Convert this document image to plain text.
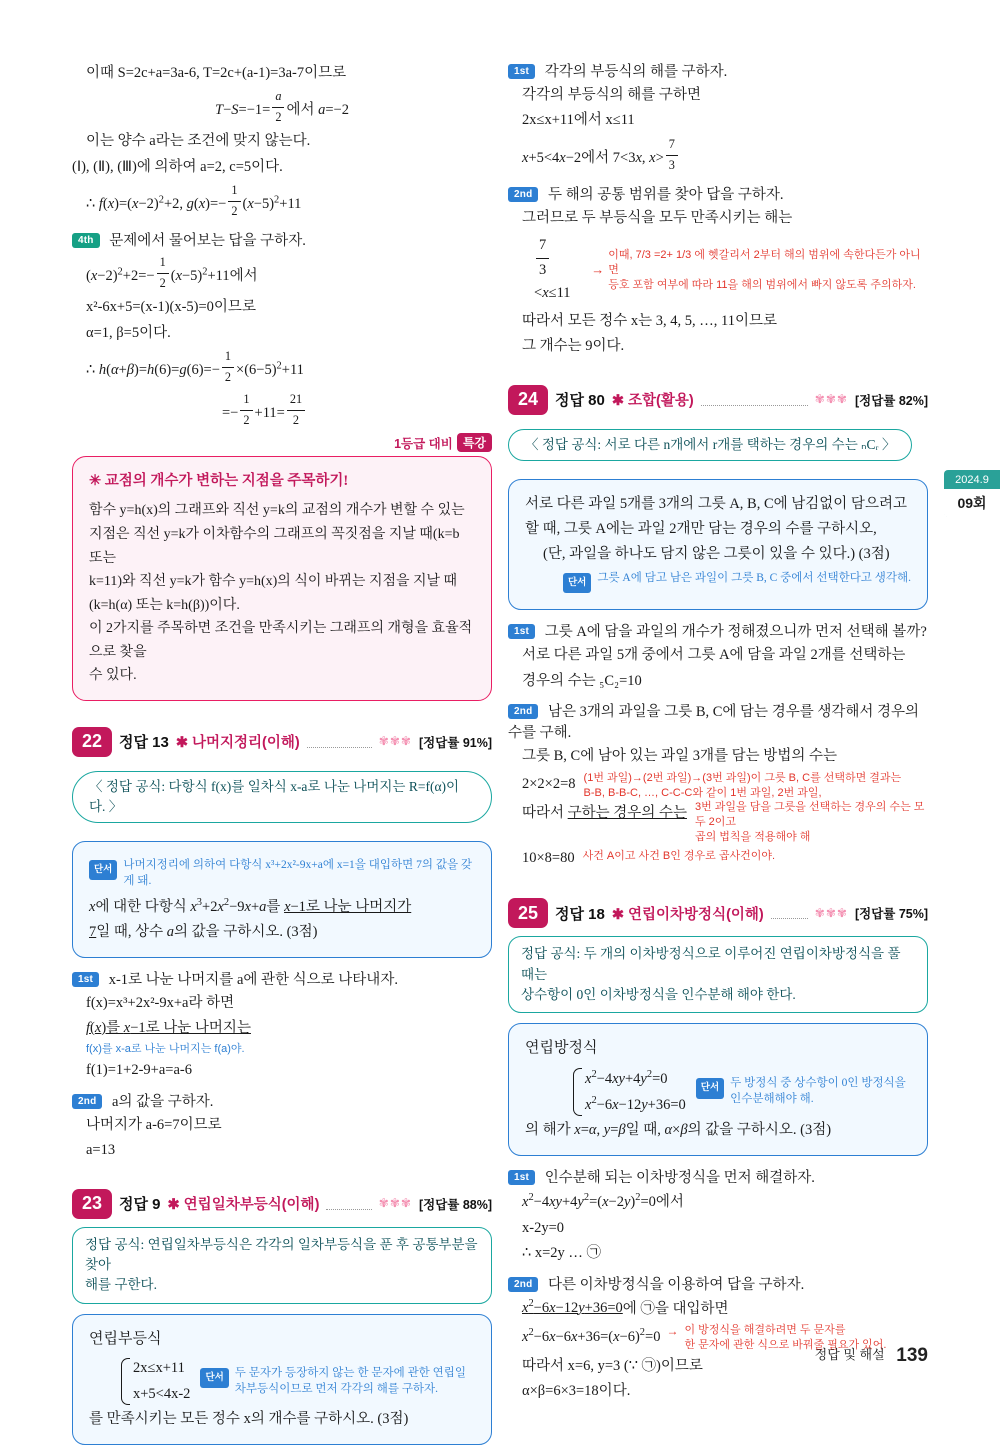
2024.9
09회
이때 S=2c+a=3a-6, T=2c+(a-1)=3a-7이므로
$T-S=-1= \frac{a}{2}$ 에서 a=−2
이는 양수 a라는 조건에 맞지 않는다.
(Ⅰ), (Ⅱ), (Ⅲ)에 의하여 a=2, c=5이다.
∴ $f(x)=(x-2)^2+2$, $g(x)=- \frac{1}{2} (x-5)^2+11$
4th 문제에서 물어보는 답을 구하자.
$(x-2)^2+2=- \frac{1}{2} (x-5)^2+11$에서
x²-6x+5=(x-1)(x-5)=0이므로
α=1, β=5이다.
∴ $h(\alpha+\beta)=h(6)=g(6)=- \frac{1}{2} \times(6-5)^2+11$
=− $\frac{1}{2} +11= \frac{21}{2}$
1등급 대비 특강
✳ 교점의 개수가 변하는 지점을 주목하기!
함수 y=h(x)의 그래프와 직선 y=k의 교점의 개수가 변할 수 있는
지점은 직선 y=k가 이차함수의 그래프의 꼭짓점을 지날 때(k=b 또는
k=11)와 직선 y=k가 함수 y=h(x)의 식이 바뀌는 지점을 지날 때
(k=h(α) 또는 k=h(β))이다.
이 2가지를 주목하면 조건을 만족시키는 그래프의 개형을 효율적으로 찾을
수 있다.
22	정답 13 ✱ 나머지정리(이해)	✾✾✾ [정답률 91%]
〈 정답 공식: 다항식 f(x)를 일차식 x-a로 나눈 나머지는 R=f(α)이다. 〉
단서 나머지정리에 의하여 다항식 x³+2x²-9x+a에 x=1을 대입하면 7의 값을 갖게 돼.
x에 대한 다항식 $x^3+2x^2-9x+a$를 x−1로 나눈 나머지가
7일 때, 상수 a의 값을 구하시오. (3점)
1st x-1로 나눈 나머지를 a에 관한 식으로 나타내자.
f(x)=x³+2x²-9x+a라 하면
f(x)를 x−1로 나눈 나머지는
f(x)를 x-a로 나눈 나머지는 f(a)야.
f(1)=1+2-9+a=a-6
2nd a의 값을 구하자.
나머지가 a-6=7이므로
a=13
23	정답 9 ✱ 연립일차부등식(이해)	✾✾✾ [정답률 88%]
정답 공식: 연립일차부등식은 각각의 일차부등식을 푼 후 공통부분을 찾아
해를 구한다.
연립부등식
2x≤x+11
x+5<4x-2
단서 두 문자가 등장하지 않는 한 문자에 관한 연립일차부등식이므로 먼저 각각의 해를 구하자.
를 만족시키는 모든 정수 x의 개수를 구하시오. (3점)
1st 각각의 부등식의 해를 구하자.
각각의 부등식의 해를 구하면
2x≤x+11에서 x≤11
x+5<4x−2에서 7<3x, $x> \frac{7}{3}$
2nd 두 해의 공통 범위를 찾아 답을 구하자.
그러므로 두 부등식을 모두 만족시키는 해는
$\frac{7}{3}$
<x≤11
→
이때, 7/3 =2+ 1/3 에 헷갈리서 2부터 해의 범위에 속한다든가 아니면
등호 포함 여부에 따라 11을 해의 범위에서 빠지 않도록 주의하자.
따라서 모든 정수 x는 3, 4, 5, …, 11이므로
그 개수는 9이다.
24	정답 80 ✱ 조합(활용)	✾✾✾ [정답률 82%]
〈 정답 공식: 서로 다른 n개에서 r개를 택하는 경우의 수는 ₙCᵣ 〉
서로 다른 과일 5개를 3개의 그릇 A, B, C에 남김없이 담으려고
할 때, 그릇 A에는 과일 2개만 담는 경우의 수를 구하시오,
(단, 과일을 하나도 담지 않은 그릇이 있을 수 있다.) (3점)
단서 그릇 A에 담고 남은 과일이 그릇 B, C 중에서 선택한다고 생각해.
1st 그릇 A에 담을 과일의 개수가 정해졌으니까 먼저 선택해 볼까?
서로 다른 과일 5개 중에서 그릇 A에 담을 과일 2개를 선택하는
경우의 수는 ₅C₂=10
2nd 남은 3개의 과일을 그릇 B, C에 담는 경우를 생각해서 경우의 수를 구해.
그릇 B, C에 남아 있는 과일 3개를 담는 방법의 수는
2×2×2=8 (1번 과일)→(2번 과일)→(3번 과일)이 그릇 B, C를 선택하면 결과는
B-B, B-B-C, …, C-C-C와 같이 1번 과일, 2번 과일,
따라서 구하는 경우의 수는 3번 과일을 담을 그릇을 선택하는 경우의 수는 모두 2이고
곱의 법칙을 적용해야 해
10×8=80 사건 A이고 사건 B인 경우로 곱사건이야.
25	정답 18 ✱ 연립이차방정식(이해)	✾✾✾ [정답률 75%]
정답 공식: 두 개의 이차방정식으로 이루어진 연립이차방정식을 풀 때는
상수항이 0인 이차방정식을 인수분해 해야 한다.
연립방정식
$x^2-4xy+4y^2=0$
$x^2-6x-12y+36=0$
단서 두 방정식 중 상수항이 0인 방정식을 인수분해해야 해.
의 해가 x=α, y=β일 때, α×β의 값을 구하시오. (3점)
1st 인수분해 되는 이차방정식을 먼저 해결하자.
$x^2-4xy+4y^2=(x-2y)^2=0$에서
x-2y=0
∴ x=2y … ㉠
2nd 다른 이차방정식을 이용하여 답을 구하자.
$x^2-6x-12y+36=0$에 ㉠을 대입하면
$x^2-6x-6x+36=(x-6)^2=0$ → 이 방정식을 해결하려면 두 문자를
한 문자에 관한 식으로 바꿔줄 필요가 있어.
따라서 x=6, y=3 (∵ ㉠)이므로
α×β=6×3=18이다.
정답 및 해설 139
